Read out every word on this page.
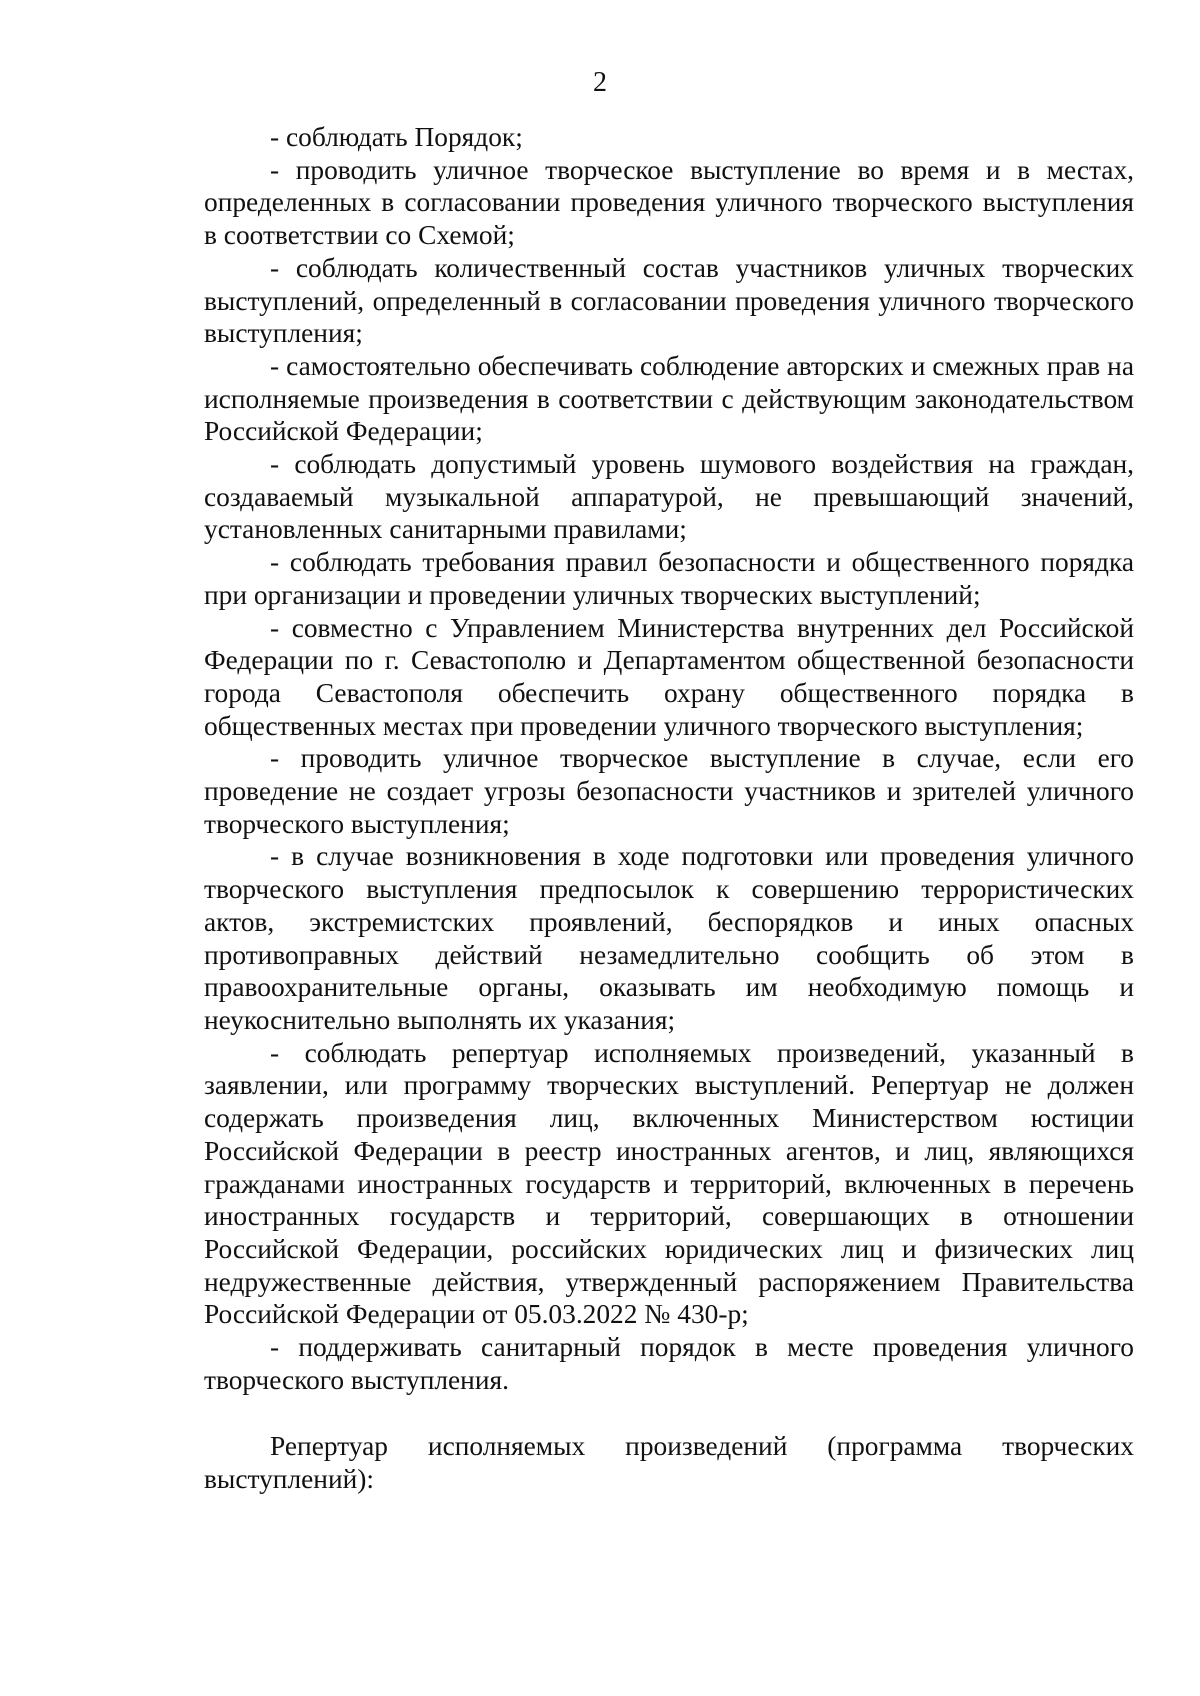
2

- соблюдать Порядок;

- проводить уличное творческое выступление во время и в местах, определенных в согласовании проведения уличного творческого выступления в соответствии со Схемой;

- соблюдать количественный состав участников уличных творческих выступлений, определенный в согласовании проведения уличного творческого выступления;

- самостоятельно обеспечивать соблюдение авторских и смежных прав на исполняемые произведения в соответствии с действующим законодательством Российской Федерации;

- соблюдать допустимый уровень шумового воздействия на граждан, создаваемый музыкальной аппаратурой, не превышающий значений, установленных санитарными правилами;

- соблюдать требования правил безопасности и общественного порядка при организации и проведении уличных творческих выступлений;

- совместно с Управлением Министерства внутренних дел Российской Федерации по г. Севастополю и Департаментом общественной безопасности города Севастополя обеспечить охрану общественного порядка в общественных местах при проведении уличного творческого выступления;

- проводить уличное творческое выступление в случае, если его проведение не создает угрозы безопасности участников и зрителей уличного творческого выступления;

- в случае возникновения в ходе подготовки или проведения уличного творческого выступления предпосылок к совершению террористических актов, экстремистских проявлений, беспорядков и иных опасных противоправных действий незамедлительно сообщить об этом в правоохранительные органы, оказывать им необходимую помощь и неукоснительно выполнять их указания;

- соблюдать репертуар исполняемых произведений, указанный в заявлении, или программу творческих выступлений. Репертуар не должен содержать произведения лиц, включенных Министерством юстиции Российской Федерации в реестр иностранных агентов, и лиц, являющихся гражданами иностранных государств и территорий, включенных в перечень иностранных государств и территорий, совершающих в отношении Российской Федерации, российских юридических лиц и физических лиц недружественные действия, утвержденный распоряжением Правительства Российской Федерации от 05.03.2022 № 430-р;

- поддерживать санитарный порядок в месте проведения уличного творческого выступления.

Репертуар исполняемых произведений (программа творческих выступлений):
